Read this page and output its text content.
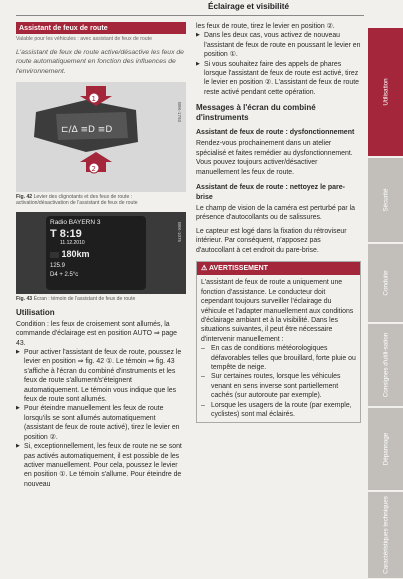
Éclairage et visibilité
Utilisation
Sécurité
Conduite
Consignes d'utili-sation
Dépannage
Caractéristiques techniques
Assistant de feux de route
Valable pour les véhicules : avec assistant de feux de route
L'assistant de feux de route active/désactive les feux de route automatiquement en fonction des influences de l'environnement.
⊏/∆ ≡D ≡D
1
2
B8K-1793
Fig. 42 Levier des clignotants et des feux de route : activation/désactivation de l'assistant de feux de route
Radio BAYERN 3
T 8:19
11.12.2010
180km
125.9
D4 + 2.5°c
B8K-1075
Fig. 43 Écran : témoin de l'assistant de feux de route
Utilisation

Condition : les feux de croisement sont allumés, la commande d'éclairage est en position AUTO ⇒ page 43.

▶ Pour activer l'assistant de feux de route, poussez le levier en position ⇒ fig. 42 ①. Le témoin ⇒ fig. 43 s'affiche à l'écran du combiné d'instruments et les feux de route s'allument/s'éteignent automatiquement. Le témoin vous indique que les feux de route sont allumés.
▶ Pour éteindre manuellement les feux de route lorsqu'ils se sont allumés automatiquement (assistant de feux de route activé), tirez le levier en position ②.
▶ Si, exceptionnellement, les feux de route ne se sont pas activés automatiquement, il est possible de les activer manuellement. Pour cela, poussez le levier en position ①. Le témoin s'allume. Pour éteindre de nouveau

les feux de route, tirez le levier en position ②.

▶ Dans les deux cas, vous activez de nouveau l'assistant de feux de route en poussant le levier en position ①.
▶ Si vous souhaitez faire des appels de phares lorsque l'assistant de feux de route est activé, tirez le levier en position ②. L'assistant de feux de route reste activé pendant cette opération.
Messages à l'écran du combiné d'instruments
Assistant de feux de route : dysfonctionnement

Rendez-vous prochainement dans un atelier spécialisé et faites remédier au dysfonctionnement. Vous pouvez toujours activer/désactiver manuellement les feux de route.

Assistant de feux de route : nettoyez le pare-brise

Le champ de vision de la caméra est perturbé par la présence d'autocollants ou de salissures.

Le capteur est logé dans la fixation du rétroviseur intérieur. Par conséquent, n'apposez pas d'autocollant à cet endroit du pare-brise.

⚠ AVERTISSEMENT

L'assistant de feux de route a uniquement une fonction d'assistance. Le conducteur doit cependant toujours surveiller l'éclairage du véhicule et l'adapter manuellement aux conditions d'éclairage ambiant et à la visibilité. Dans les situations suivantes, il peut être nécessaire d'intervenir manuellement :

– En cas de conditions météorologiques défavorables telles que brouillard, forte pluie ou tempête de neige.
– Sur certaines routes, lorsque les véhicules venant en sens inverse sont partiellement cachés (sur autoroute par exemple).
– Lorsque les usagers de la route (par exemple, cyclistes) sont mal éclairés.
